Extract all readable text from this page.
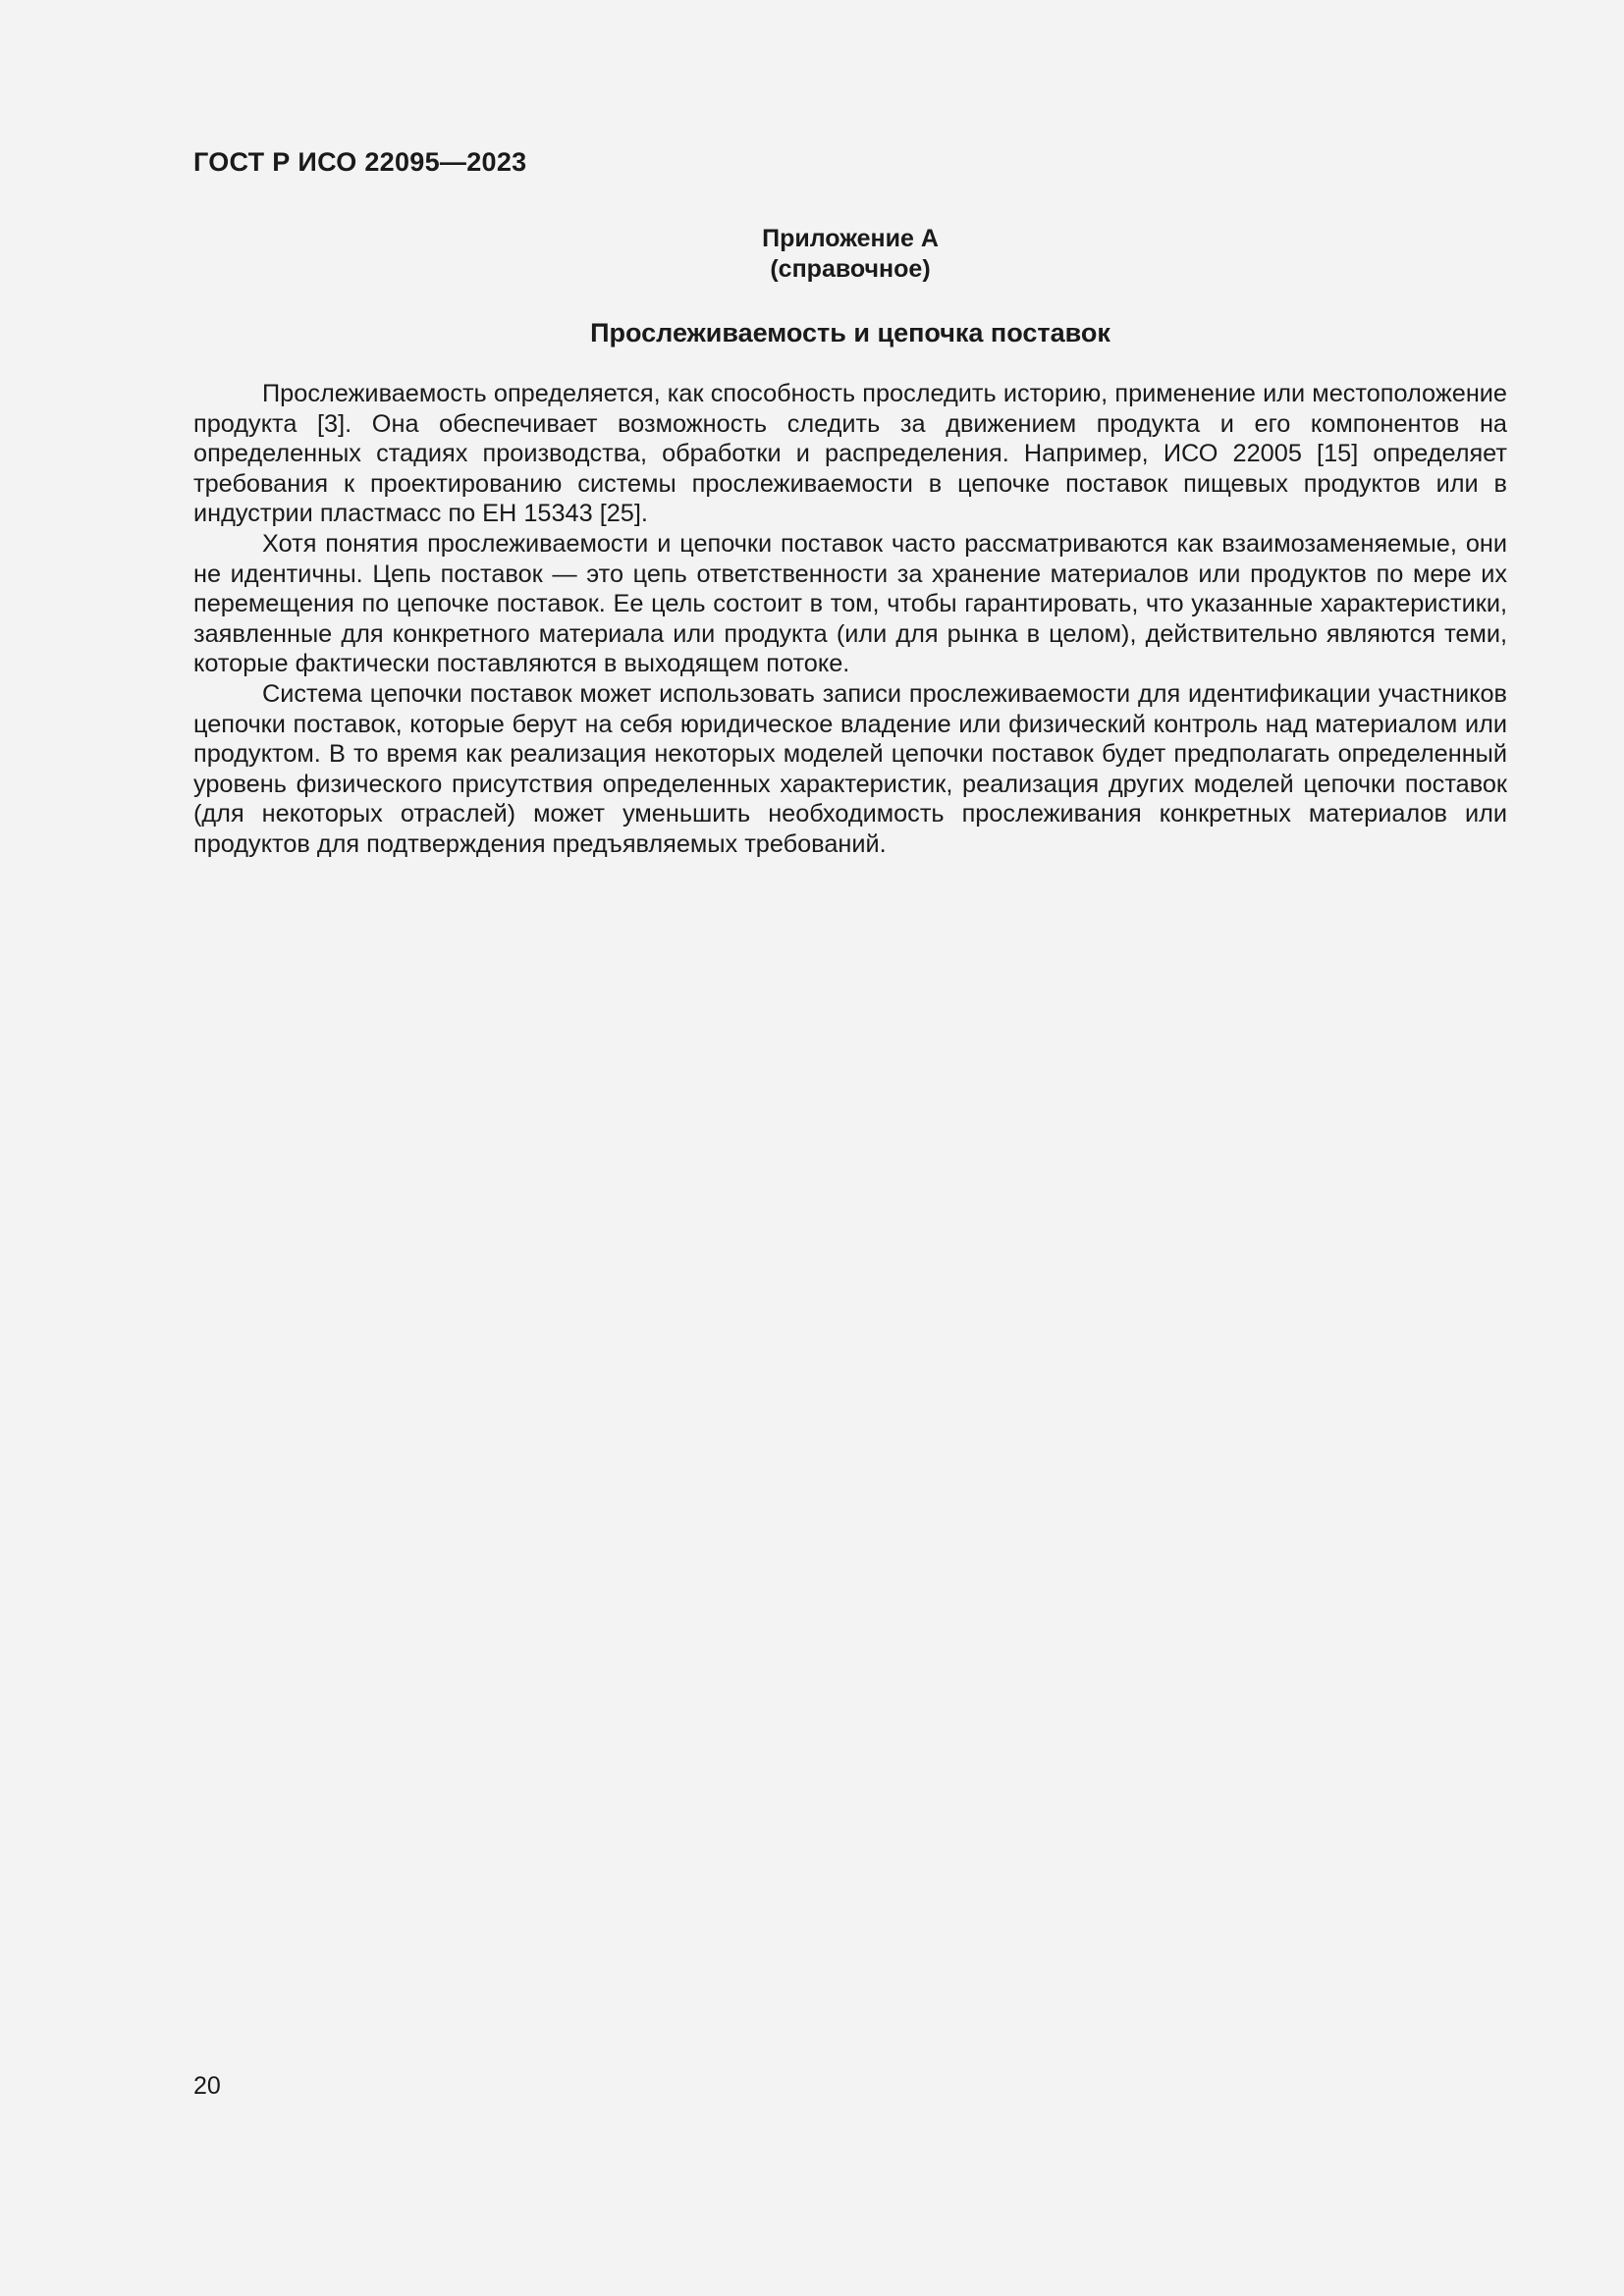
ГОСТ Р ИСО 22095—2023
Приложение А
(справочное)
Прослеживаемость и цепочка поставок

Прослеживаемость определяется, как способность проследить историю, применение или местоположение продукта [3]. Она обеспечивает возможность следить за движением продукта и его компонентов на определенных стадиях производства, обработки и распределения. Например, ИСО 22005 [15] определяет требования к проектированию системы прослеживаемости в цепочке поставок пищевых продуктов или в индустрии пластмасс по ЕН 15343 [25].

Хотя понятия прослеживаемости и цепочки поставок часто рассматриваются как взаимозаменяемые, они не идентичны. Цепь поставок — это цепь ответственности за хранение материалов или продуктов по мере их перемещения по цепочке поставок. Ее цель состоит в том, чтобы гарантировать, что указанные характеристики, заявленные для конкретного материала или продукта (или для рынка в целом), действительно являются теми, которые фактически поставляются в выходящем потоке.

Система цепочки поставок может использовать записи прослеживаемости для идентификации участников цепочки поставок, которые берут на себя юридическое владение или физический контроль над материалом или продуктом. В то время как реализация некоторых моделей цепочки поставок будет предполагать определенный уровень физического присутствия определенных характеристик, реализация других моделей цепочки поставок (для некоторых отраслей) может уменьшить необходимость прослеживания конкретных материалов или продуктов для подтверждения предъявляемых требований.

20
